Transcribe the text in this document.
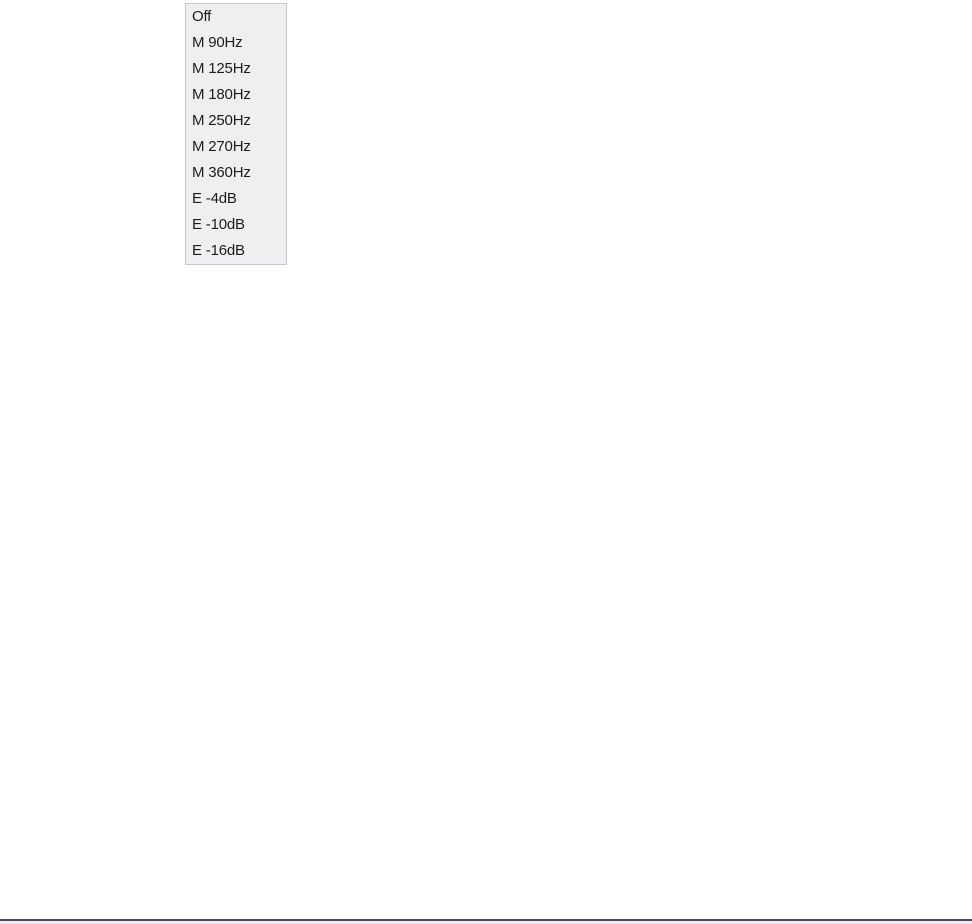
Off
M 90Hz
M 125Hz
M 180Hz
M 250Hz
M 270Hz
M 360Hz
E -4dB
E -10dB
E -16dB
